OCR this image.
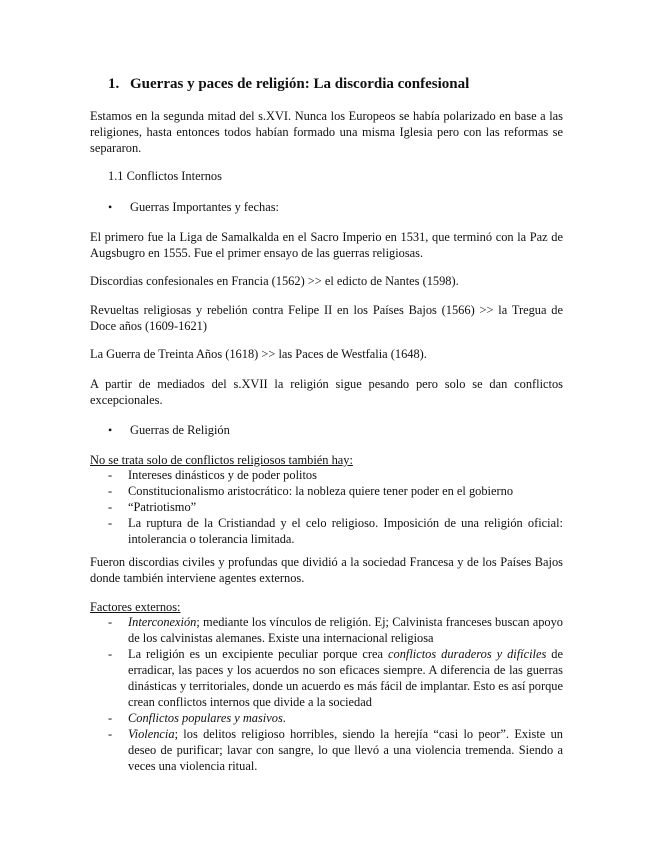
1. Guerras y paces de religión: La discordia confesional
Estamos en la segunda mitad del s.XVI. Nunca los Europeos se había polarizado en base a las religiones, hasta entonces todos habían formado una misma Iglesia pero con las reformas se separaron.
1.1 Conflictos Internos
• Guerras Importantes y fechas:
El primero fue la Liga de Samalkalda en el Sacro Imperio en 1531, que terminó con la Paz de Augsbugro en 1555. Fue el primer ensayo de las guerras religiosas.
Discordias confesionales en Francia (1562) >> el edicto de Nantes (1598).
Revueltas religiosas y rebelión contra Felipe II en los Países Bajos (1566) >> la Tregua de Doce años (1609-1621)
La Guerra de Treinta Años (1618) >> las Paces de Westfalia (1648).
A partir de mediados del s.XVII la religión sigue pesando pero solo se dan conflictos excepcionales.
• Guerras de Religión
No se trata solo de conflictos religiosos también hay:
-	Intereses dinásticos y de poder politos
-	Constitucionalismo aristocrático: la nobleza quiere tener poder en el gobierno
-	“Patriotismo”
-	La ruptura de la Cristiandad y el celo religioso. Imposición de una religión oficial: intolerancia o tolerancia limitada.
Fueron discordias civiles y profundas que dividió a la sociedad Francesa y de los Países Bajos donde también interviene agentes externos.
Factores externos:
-	Interconexión; mediante los vínculos de religión. Ej; Calvinista franceses buscan apoyo de los calvinistas alemanes. Existe una internacional religiosa
-	La religión es un excipiente peculiar porque crea conflictos duraderos y difíciles de erradicar, las paces y los acuerdos no son eficaces siempre. A diferencia de las guerras dinásticas y territoriales, donde un acuerdo es más fácil de implantar. Esto es así porque crean conflictos internos que divide a la sociedad
-	Conflictos populares y masivos.
-	Violencia; los delitos religioso horribles, siendo la herejía “casi lo peor”. Existe un deseo de purificar; lavar con sangre, lo que llevó a una violencia tremenda. Siendo a veces una violencia ritual.
